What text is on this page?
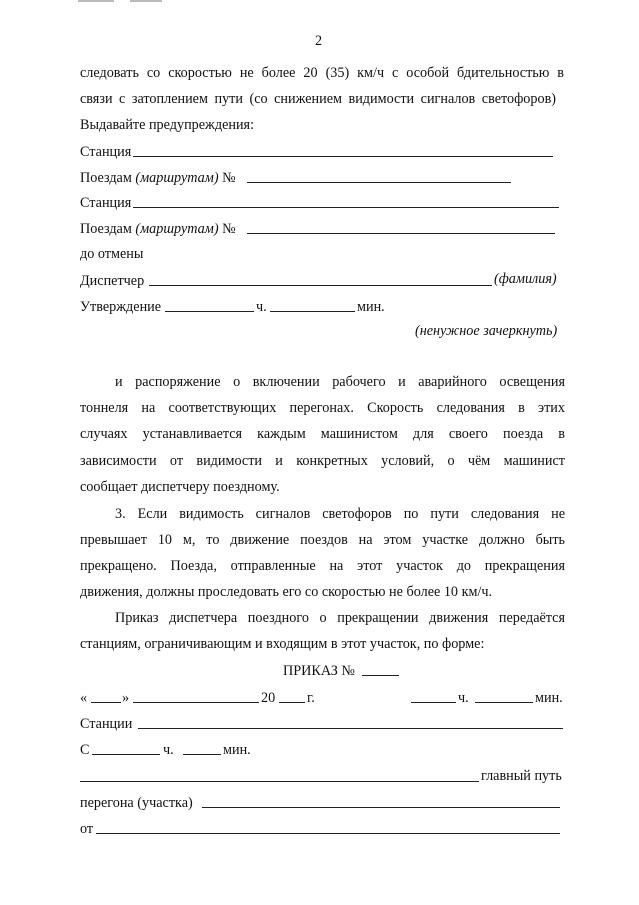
2
следовать со скоростью не более 20 (35) км/ч с особой бдительностью в
связи с затоплением пути (со снижением видимости сигналов светофоров)
Выдавайте предупреждения:
Станция
Поездам (маршрутам) №
Станция
Поездам (маршрутам) №
до отмены
Диспетчер	(фамилия)
Утверждение	ч.	мин.
(ненужное зачеркнуть)
и распоряжение о включении рабочего и аварийного освещения
тоннеля на соответствующих перегонах. Скорость следования в этих
случаях устанавливается каждым машинистом для своего поезда в
зависимости от видимости и конкретных условий, о чём машинист
сообщает диспетчеру поездному.
3. Если видимость сигналов светофоров по пути следования не
превышает 10 м, то движение поездов на этом участке должно быть
прекращено. Поезда, отправленные на этот участок до прекращения
движения, должны проследовать его со скоростью не более 10 км/ч.
Приказ диспетчера поездного о прекращении движения передаётся
станциям, ограничивающим и входящим в этот участок, по форме:
ПРИКАЗ №
« »	20 г.	ч.	мин.
Станции
С	ч.	мин.
главный путь
перегона (участка)
от
